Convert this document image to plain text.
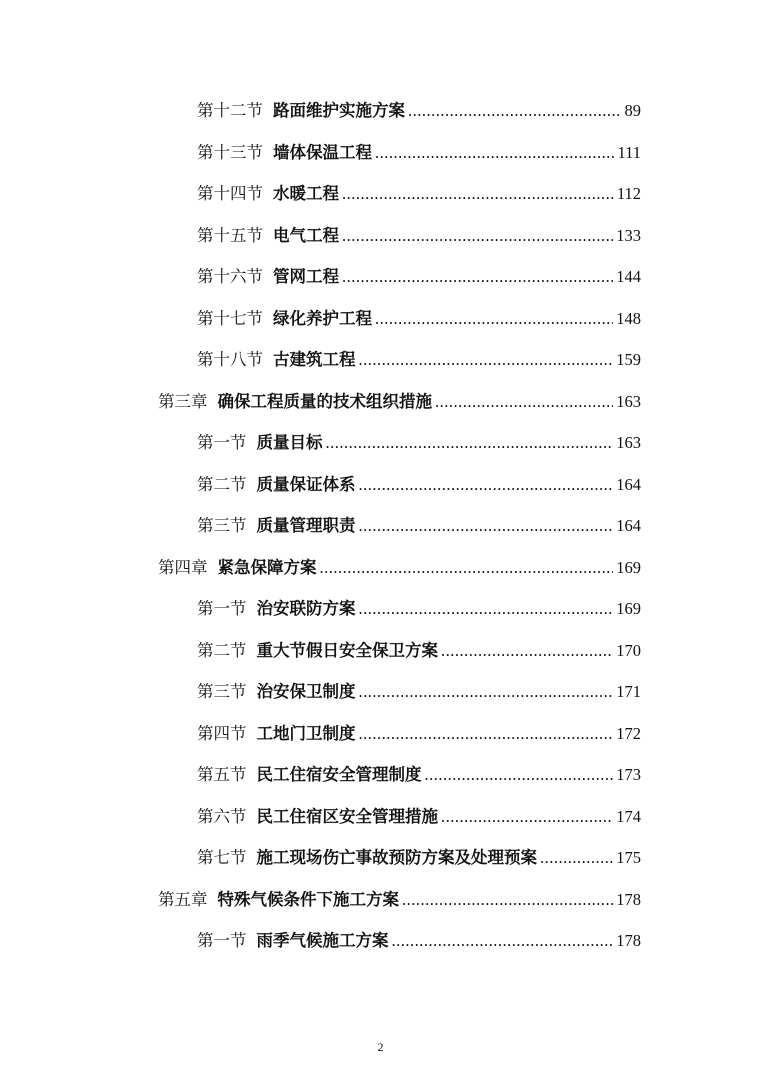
第十二节 路面维护实施方案 .....	89
第十三节 墙体保温工程 .....	111
第十四节 水暖工程 .....	112
第十五节 电气工程 .....	133
第十六节 管网工程 .....	144
第十七节 绿化养护工程 .....	148
第十八节 古建筑工程 .....	159
第三章 确保工程质量的技术组织措施 .....	163
第一节 质量目标 .....	163
第二节 质量保证体系 .....	164
第三节 质量管理职责 .....	164
第四章 紧急保障方案 .....	169
第一节 治安联防方案 .....	169
第二节 重大节假日安全保卫方案 .....	170
第三节 治安保卫制度 .....	171
第四节 工地门卫制度 .....	172
第五节 民工住宿安全管理制度 .....	173
第六节 民工住宿区安全管理措施 .....	174
第七节 施工现场伤亡事故预防方案及处理预案 .....	175
第五章 特殊气候条件下施工方案 .....	178
第一节 雨季气候施工方案 .....	178
2
